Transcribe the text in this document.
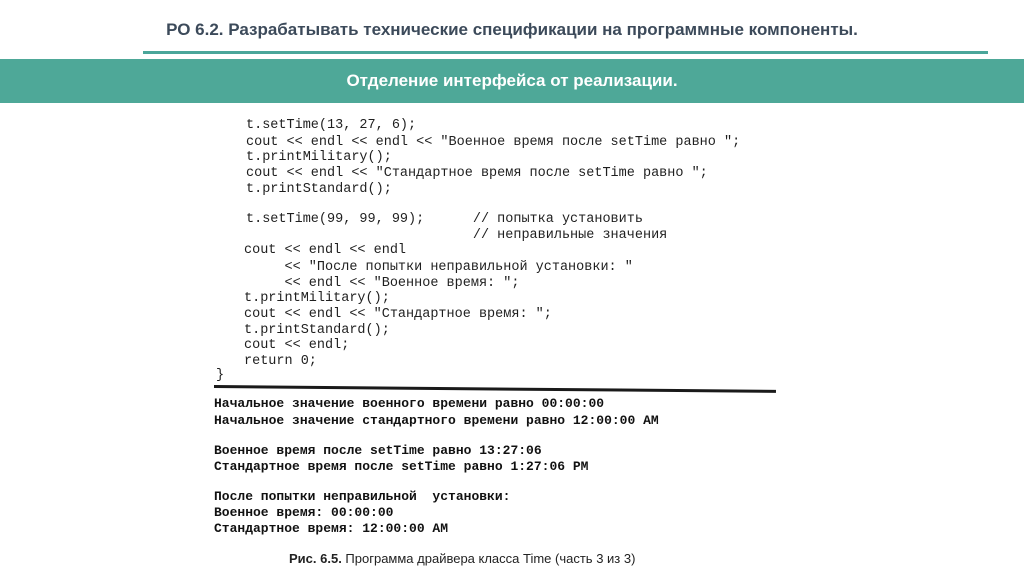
РО 6.2. Разрабатывать технические спецификации на программные компоненты.
Отделение интерфейса от реализации.
t.setTime(13, 27, 6);
cout << endl << endl << "Военное время после setTime равно ";
t.printMilitary();
cout << endl << "Стандартное время после setTime равно ";
t.printStandard();
t.setTime(99, 99, 99);      // попытка установить
// неправильные значения
cout << endl << endl
<< "После попытки неправильной установки: "
<< endl << "Военное время: ";
t.printMilitary();
cout << endl << "Стандартное время: ";
t.printStandard();
cout << endl;
return 0;
}
Начальное значение военного времени равно 00:00:00
Начальное значение стандартного времени равно 12:00:00 AM
Военное время после setTime равно 13:27:06
Стандартное время после setTime равно 1:27:06 PM
После попытки неправильной  установки:
Военное время: 00:00:00
Стандартное время: 12:00:00 AM
Рис. 6.5. Программа драйвера класса Time (часть 3 из 3)
